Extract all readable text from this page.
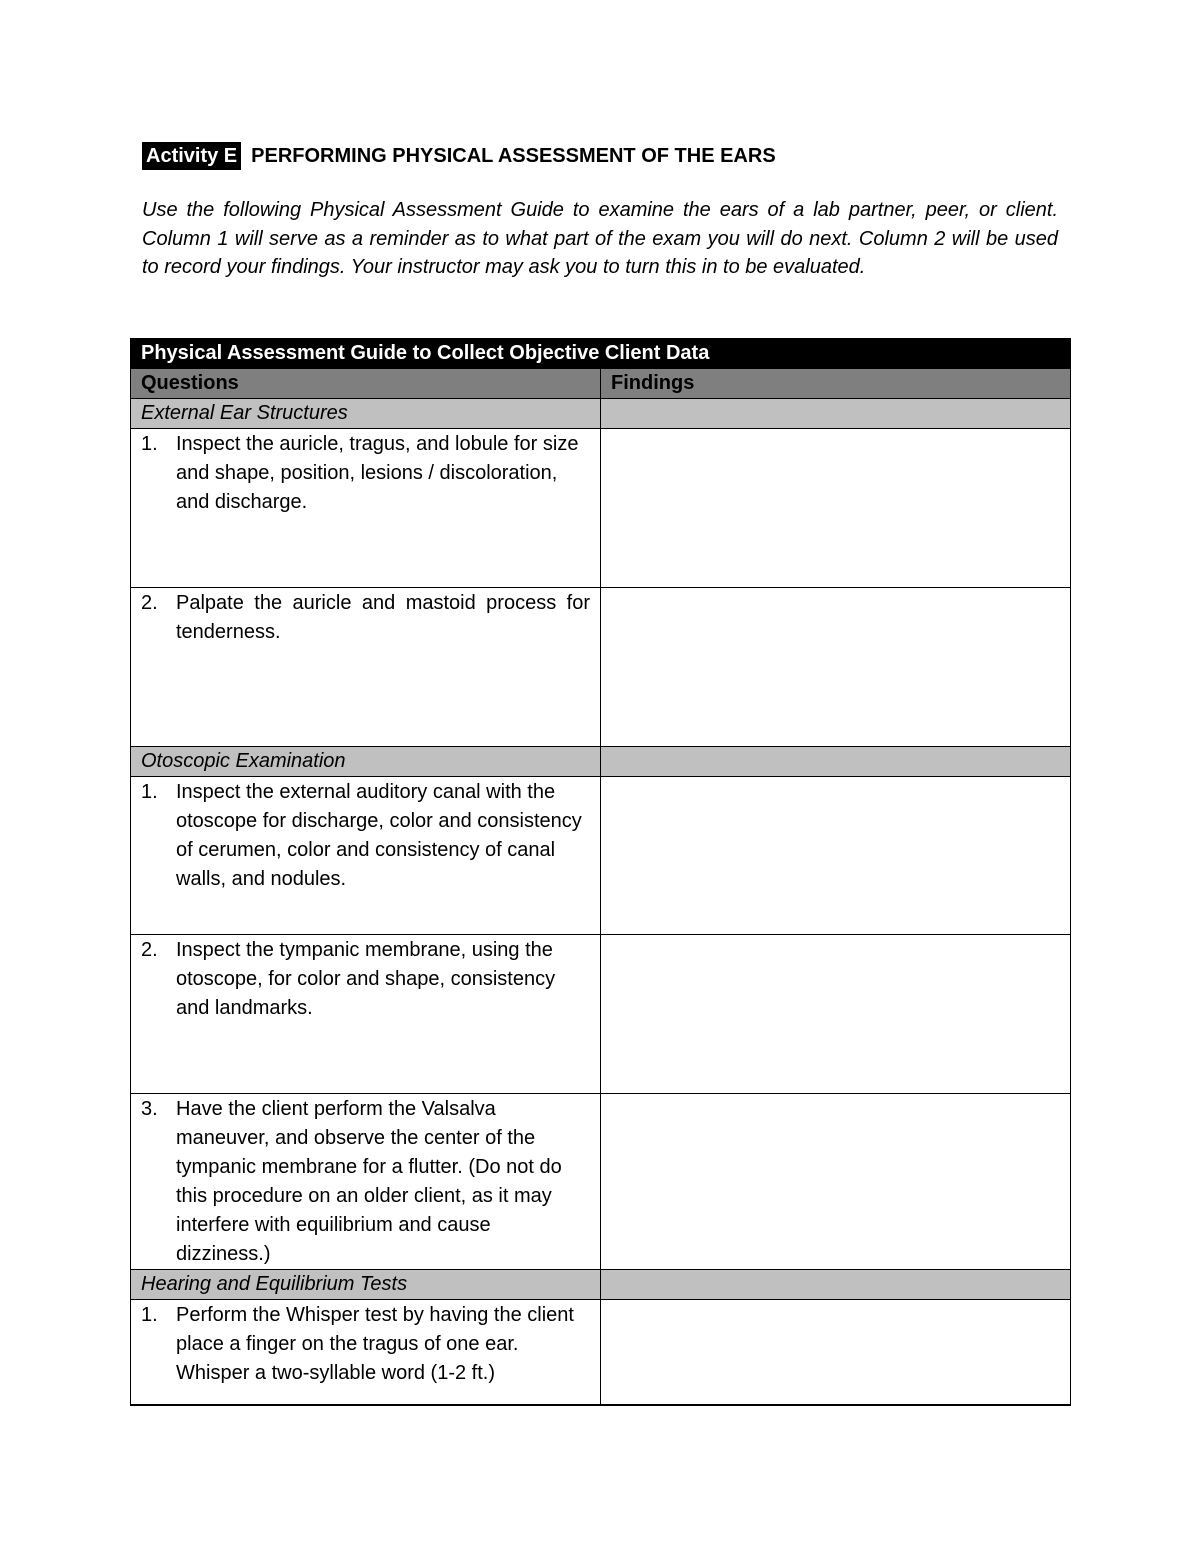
Activity E PERFORMING PHYSICAL ASSESSMENT OF THE EARS

Use the following Physical Assessment Guide to examine the ears of a lab partner, peer, or client. Column 1 will serve as a reminder as to what part of the exam you will do next. Column 2 will be used to record your findings. Your instructor may ask you to turn this in to be evaluated.

Physical Assessment Guide to Collect Objective Client Data	
Questions	Findings
External Ear Structures	

1. Inspect the auricle, tragus, and lobule for size and shape, position, lesions / discoloration, and discharge.	

2. Palpate the auricle and mastoid process for tenderness.	

Otoscopic Examination	

1. Inspect the external auditory canal with the otoscope for discharge, color and consistency of cerumen, color and consistency of canal walls, and nodules.	

2. Inspect the tympanic membrane, using the otoscope, for color and shape, consistency and landmarks.	

3. Have the client perform the Valsalva maneuver, and observe the center of the tympanic membrane for a flutter. (Do not do this procedure on an older client, as it may interfere with equilibrium and cause dizziness.)	

Hearing and Equilibrium Tests	

1. Perform the Whisper test by having the client place a finger on the tragus of one ear. Whisper a two-syllable word (1-2 ft.)	
